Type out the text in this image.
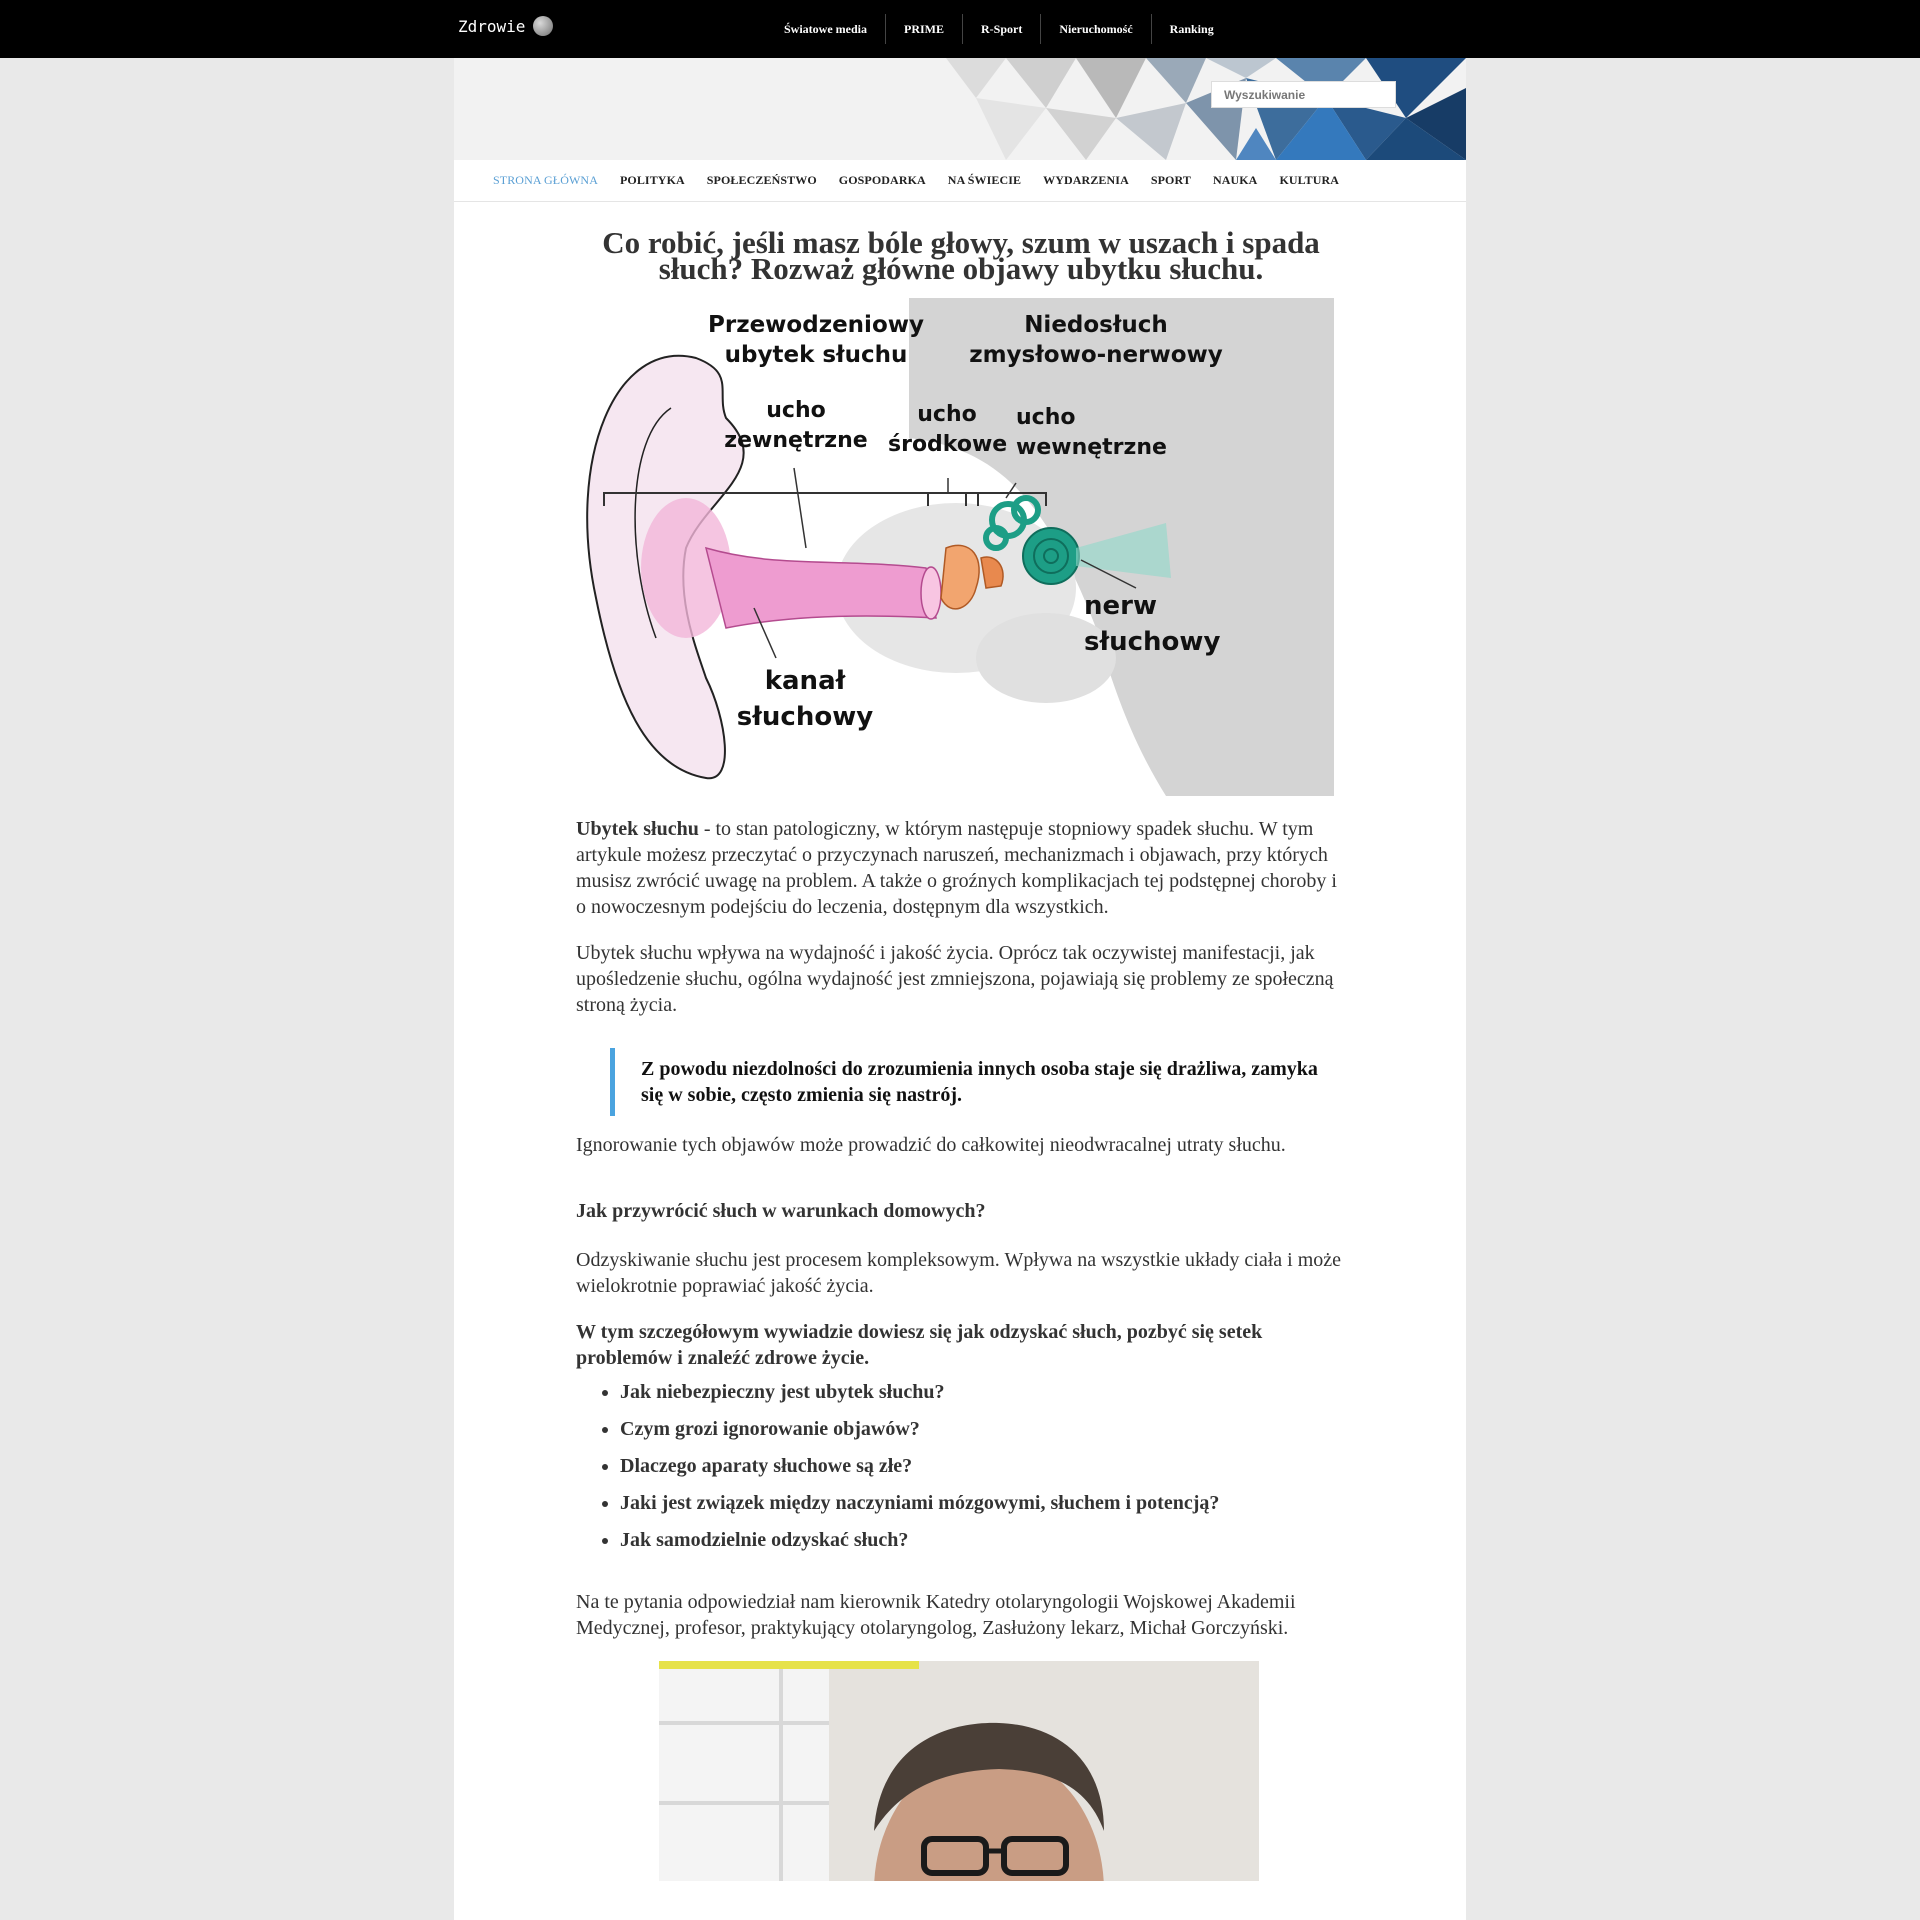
Zdrowie	Światowe media	PRIME	R-Sport	Nieruchomość	Ranking
Wyszukiwanie
STRONA GŁÓWNA POLITYKA SPOŁECZEŃSTWO GOSPODARKA NA ŚWIECIE WYDARZENIA SPORT NAUKA KULTURA
Co robić, jeśli masz bóle głowy, szum w uszach i spada słuch? Rozważ główne objawy ubytku słuchu.
Przewodzeniowy ubytek słuchu
Niedosłuch zmysłowo-nerwowy
ucho zewnętrzne
ucho środkowe
ucho wewnętrzne
nerw słuchowy
kanał słuchowy

Ubytek słuchu - to stan patologiczny, w którym następuje stopniowy spadek słuchu. W tym artykule możesz przeczytać o przyczynach naruszeń, mechanizmach i objawach, przy których musisz zwrócić uwagę na problem. A także o groźnych komplikacjach tej podstępnej choroby i o nowoczesnym podejściu do leczenia, dostępnym dla wszystkich.

Ubytek słuchu wpływa na wydajność i jakość życia. Oprócz tak oczywistej manifestacji, jak upośledzenie słuchu, ogólna wydajność jest zmniejszona, pojawiają się problemy ze społeczną stroną życia.

Z powodu niezdolności do zrozumienia innych osoba staje się drażliwa, zamyka się w sobie, często zmienia się nastrój.

Ignorowanie tych objawów może prowadzić do całkowitej nieodwracalnej utraty słuchu.

Jak przywrócić słuch w warunkach domowych?

Odzyskiwanie słuchu jest procesem kompleksowym. Wpływa na wszystkie układy ciała i może wielokrotnie poprawiać jakość życia.

W tym szczegółowym wywiadzie dowiesz się jak odzyskać słuch, pozbyć się setek problemów i znaleźć zdrowe życie.

• Jak niebezpieczny jest ubytek słuchu?
• Czym grozi ignorowanie objawów?
• Dlaczego aparaty słuchowe są złe?
• Jaki jest związek między naczyniami mózgowymi, słuchem i potencją?
• Jak samodzielnie odzyskać słuch?

Na te pytania odpowiedział nam kierownik Katedry otolaryngologii Wojskowej Akademii Medycznej, profesor, praktykujący otolaryngolog, Zasłużony lekarz, Michał Gorczyński.
